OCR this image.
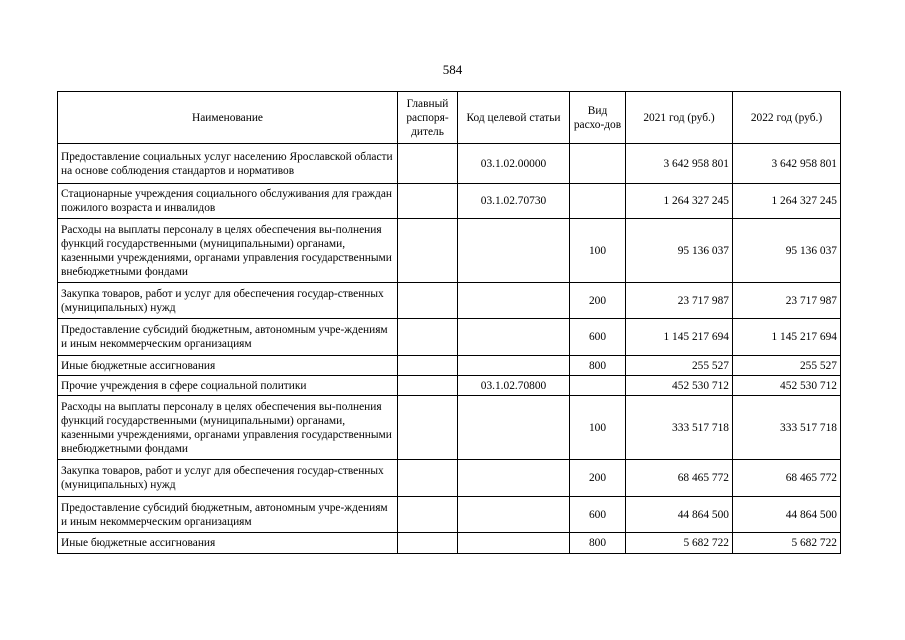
584
Наименование	Главный распоря-дитель	Код целевой статьи	Вид расхо-дов	2021 год (руб.)	2022 год (руб.)
Предоставление социальных услуг населению Ярославской области на основе соблюдения стандартов и нормативов		03.1.02.00000		3 642 958 801	3 642 958 801
Стационарные учреждения социального обслуживания для граждан пожилого возраста и инвалидов		03.1.02.70730		1 264 327 245	1 264 327 245
Расходы на выплаты персоналу в целях обеспечения вы-полнения функций государственными (муниципальными) органами, казенными учреждениями, органами управления государственными внебюджетными фондами			100	95 136 037	95 136 037
Закупка товаров, работ и услуг для обеспечения государ-ственных (муниципальных) нужд			200	23 717 987	23 717 987
Предоставление субсидий бюджетным, автономным учре-ждениям и иным некоммерческим организациям			600	1 145 217 694	1 145 217 694
Иные бюджетные ассигнования			800	255 527	255 527
Прочие учреждения в сфере социальной политики		03.1.02.70800		452 530 712	452 530 712
Расходы на выплаты персоналу в целях обеспечения вы-полнения функций государственными (муниципальными) органами, казенными учреждениями, органами управления государственными внебюджетными фондами			100	333 517 718	333 517 718
Закупка товаров, работ и услуг для обеспечения государ-ственных (муниципальных) нужд			200	68 465 772	68 465 772
Предоставление субсидий бюджетным, автономным учре-ждениям и иным некоммерческим организациям			600	44 864 500	44 864 500
Иные бюджетные ассигнования			800	5 682 722	5 682 722
